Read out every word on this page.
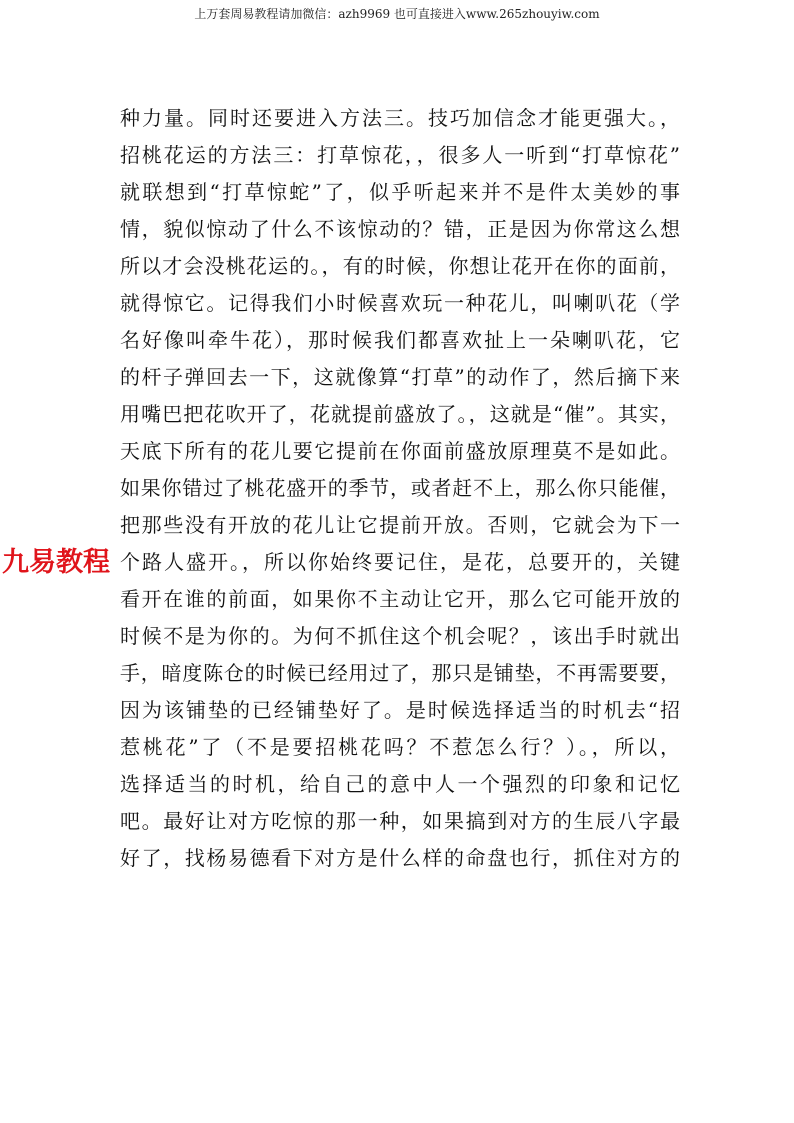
上万套周易教程请加微信：azh9969 也可直接进入www.265zhouyiw.com
九易教程
种力量。同时还要进入方法三。技巧加信念才能更强大。，
招桃花运的方法三：打草惊花，，很多人一听到“打草惊花”
就联想到“打草惊蛇”了，似乎听起来并不是件太美妙的事
情，貌似惊动了什么不该惊动的？错，正是因为你常这么想
所以才会没桃花运的。，有的时候，你想让花开在你的面前，
就得惊它。记得我们小时候喜欢玩一种花儿，叫喇叭花（学
名好像叫牵牛花），那时候我们都喜欢扯上一朵喇叭花，它
的杆子弹回去一下，这就像算“打草”的动作了，然后摘下来
用嘴巴把花吹开了，花就提前盛放了。，这就是“催”。其实，
天底下所有的花儿要它提前在你面前盛放原理莫不是如此。
如果你错过了桃花盛开的季节，或者赶不上，那么你只能催，
把那些没有开放的花儿让它提前开放。否则，它就会为下一
个路人盛开。，所以你始终要记住，是花，总要开的，关键
看开在谁的前面，如果你不主动让它开，那么它可能开放的
时候不是为你的。为何不抓住这个机会呢？，该出手时就出
手，暗度陈仓的时候已经用过了，那只是铺垫，不再需要要，
因为该铺垫的已经铺垫好了。是时候选择适当的时机去“招
惹桃花”了（不是要招桃花吗？不惹怎么行？）。，所以，
选择适当的时机，给自己的意中人一个强烈的印象和记忆
吧。最好让对方吃惊的那一种，如果搞到对方的生辰八字最
好了，找杨易德看下对方是什么样的命盘也行，抓住对方的
